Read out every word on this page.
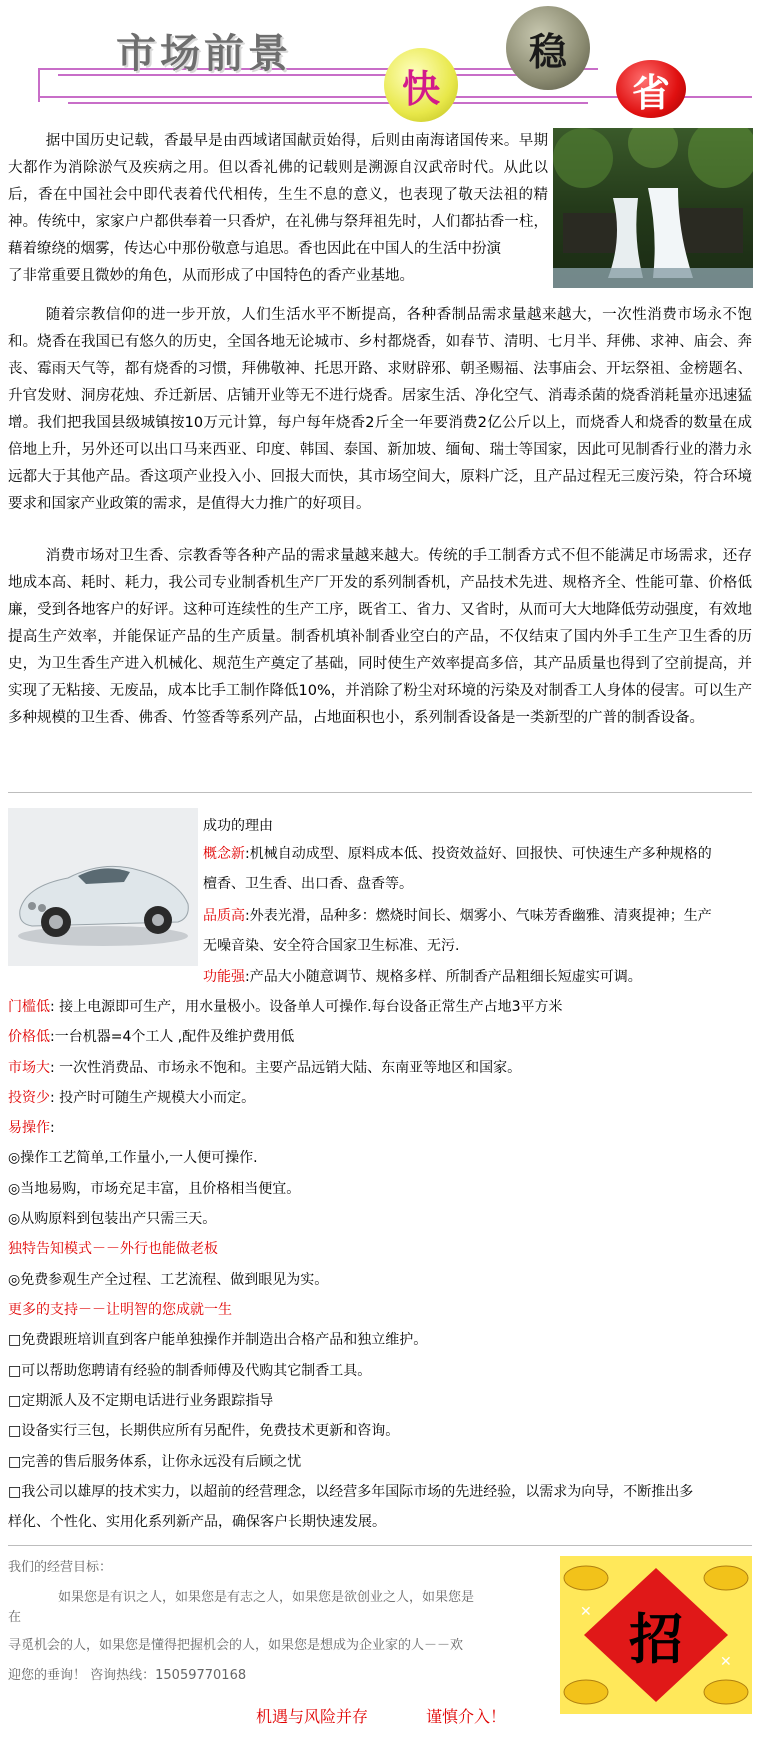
市场前景
快
稳
省
据中国历史记载，香最早是由西域诸国献贡始得，后则由南海诸国传来。早期大都作为消除淤气及疾病之用。但以香礼佛的记载则是溯源自汉武帝时代。从此以后，香在中国社会中即代表着代代相传，生生不息的意义，也表现了敬天法祖的精神。传统中，家家户户都供奉着一只香炉，在礼佛与祭拜祖先时，人们都拈香一柱，藉着缭绕的烟雾，传达心中那份敬意与追思。香也因此在中国人的生活中扮演
了非常重要且微妙的角色，从而形成了中国特色的香产业基地。
随着宗教信仰的进一步开放，人们生活水平不断提高，各种香制品需求量越来越大，一次性消费市场永不饱和。烧香在我国已有悠久的历史，全国各地无论城市、乡村都烧香，如春节、清明、七月半、拜佛、求神、庙会、奔丧、霉雨天气等，都有烧香的习惯，拜佛敬神、托思开路、求财辟邪、朝圣赐福、法事庙会、开坛祭祖、金榜题名、升官发财、洞房花烛、乔迁新居、店铺开业等无不进行烧香。居家生活、净化空气、消毒杀菌的烧香消耗量亦迅速猛增。我们把我国县级城镇按10万元计算，每户每年烧香2斤全一年要消费2亿公斤以上，而烧香人和烧香的数量在成倍地上升，另外还可以出口马来西亚、印度、韩国、泰国、新加坡、缅甸、瑞士等国家，因此可见制香行业的潜力永远都大于其他产品。香这项产业投入小、回报大而快，其市场空间大，原料广泛，且产品过程无三废污染，符合环境要求和国家产业政策的需求，是值得大力推广的好项目。
消费市场对卫生香、宗教香等各种产品的需求量越来越大。传统的手工制香方式不但不能满足市场需求，还存地成本高、耗时、耗力，我公司专业制香机生产厂开发的系列制香机，产品技术先进、规格齐全、性能可靠、价格低廉，受到各地客户的好评。这种可连续性的生产工序，既省工、省力、又省时，从而可大大地降低劳动强度，有效地提高生产效率，并能保证产品的生产质量。制香机填补制香业空白的产品，不仅结束了国内外手工生产卫生香的历史，为卫生香生产进入机械化、规范生产奠定了基础，同时使生产效率提高多倍，其产品质量也得到了空前提高，并实现了无粘接、无废品，成本比手工制作降低10%，并消除了粉尘对环境的污染及对制香工人身体的侵害。可以生产多种规模的卫生香、佛香、竹签香等系列产品，占地面积也小，系列制香设备是一类新型的广普的制香设备。
成功的理由
概念新:机械自动成型、原料成本低、投资效益好、回报快、可快速生产多种规格的
檀香、卫生香、出口香、盘香等。
品质高:外表光滑，品种多：燃烧时间长、烟雾小、气味芳香幽雅、清爽提神；生产
无噪音染、安全符合国家卫生标准、无污.
功能强:产品大小随意调节、规格多样、所制香产品粗细长短虚实可调。
门槛低: 接上电源即可生产，用水量极小。设备单人可操作.每台设备正常生产占地3平方米
价格低:一台机器=4个工人 ,配件及维护费用低
市场大: 一次性消费品、市场永不饱和。主要产品远销大陆、东南亚等地区和国家。
投资少: 投产时可随生产规模大小而定。
易操作:
◎操作工艺简单,工作量小,一人便可操作.
◎当地易购，市场充足丰富，且价格相当便宜。
◎从购原料到包装出产只需三天。
独特告知模式－－外行也能做老板
◎免费参观生产全过程、工艺流程、做到眼见为实。
更多的支持－－让明智的您成就一生
□免费跟班培训直到客户能单独操作并制造出合格产品和独立维护。
□可以帮助您聘请有经验的制香师傅及代购其它制香工具。
□定期派人及不定期电话进行业务跟踪指导
□设备实行三包，长期供应所有另配件，免费技术更新和咨询。
□完善的售后服务体系，让你永远没有后顾之忧
□我公司以雄厚的技术实力，以超前的经营理念，以经营多年国际市场的先进经验，以需求为向导，不断推出多
样化、个性化、实用化系列新产品，确保客户长期快速发展。
我们的经营目标：
如果您是有识之人，如果您是有志之人，如果您是欲创业之人，如果您是
在
寻觅机会的人，如果您是懂得把握机会的人，如果您是想成为企业家的人－－欢
迎您的垂询！ 咨询热线：15059770168
✕
✕
招
机遇与风险并存	谨慎介入！
